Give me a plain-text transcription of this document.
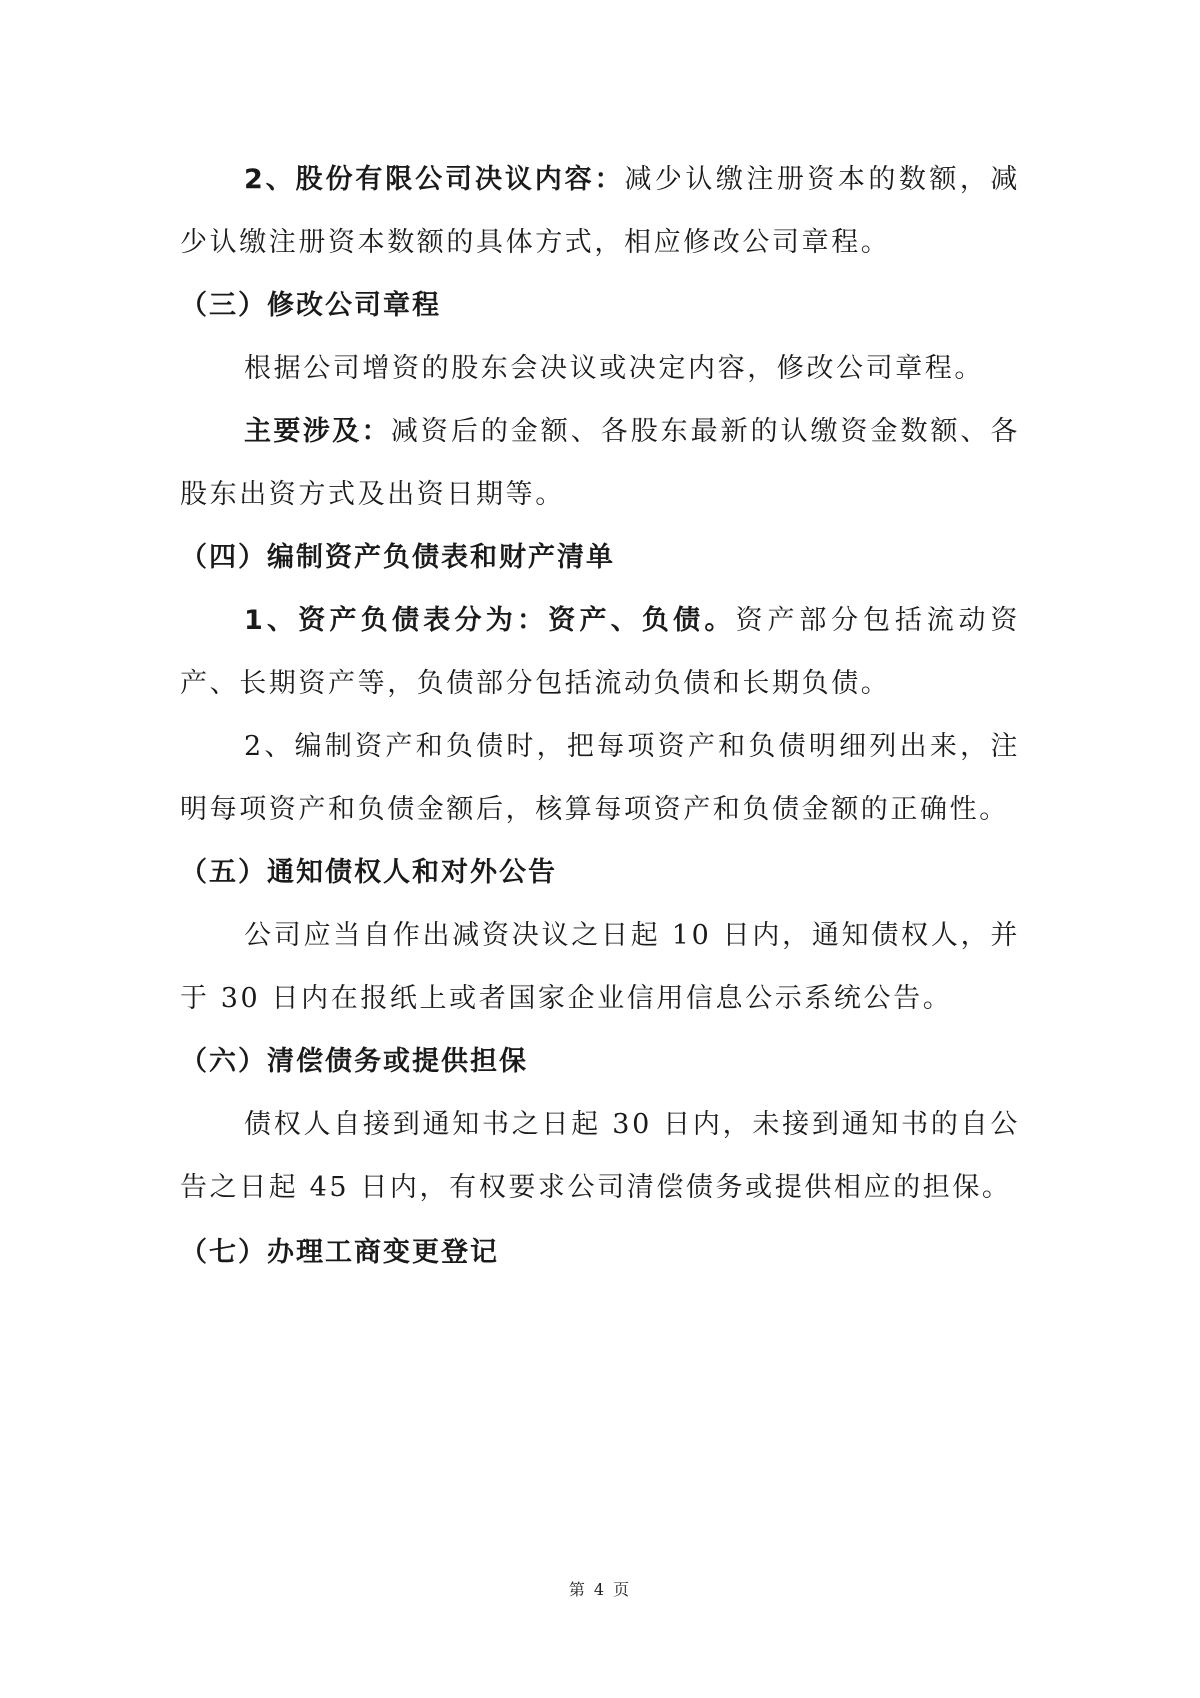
2、股份有限公司决议内容：减少认缴注册资本的数额，减少认缴注册资本数额的具体方式，相应修改公司章程。

（三）修改公司章程

根据公司增资的股东会决议或决定内容，修改公司章程。

主要涉及：减资后的金额、各股东最新的认缴资金数额、各股东出资方式及出资日期等。

（四）编制资产负债表和财产清单

1、资产负债表分为：资产、负债。资产部分包括流动资产、长期资产等，负债部分包括流动负债和长期负债。

2、编制资产和负债时，把每项资产和负债明细列出来，注明每项资产和负债金额后，核算每项资产和负债金额的正确性。

（五）通知债权人和对外公告

公司应当自作出减资决议之日起 10 日内，通知债权人，并于 30 日内在报纸上或者国家企业信用信息公示系统公告。

（六）清偿债务或提供担保

债权人自接到通知书之日起 30 日内，未接到通知书的自公告之日起 45 日内，有权要求公司清偿债务或提供相应的担保。

（七）办理工商变更登记

第 4 页
